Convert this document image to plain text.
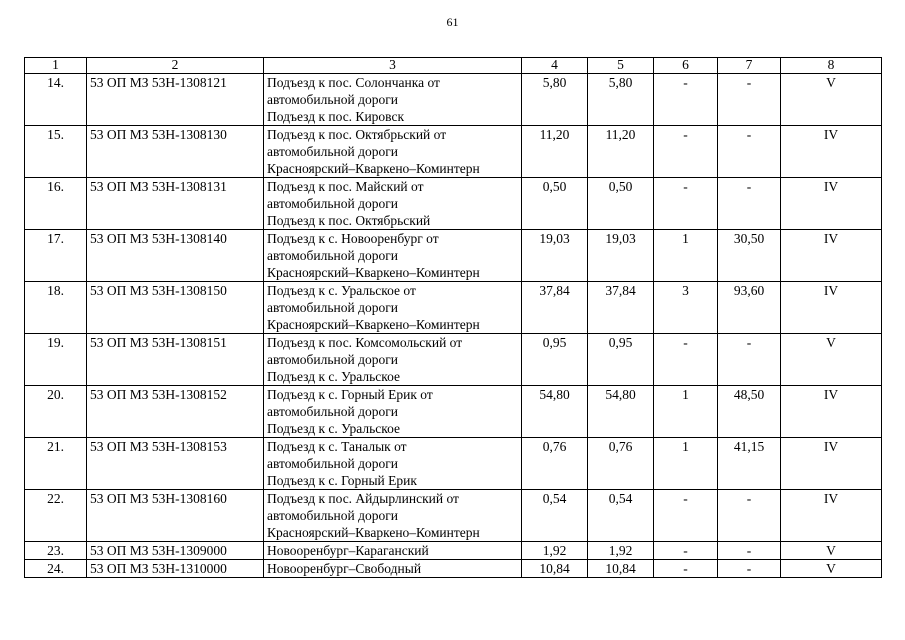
61
1	2	3	4	5	6	7	8
14.	53 ОП МЗ 53Н-1308121	Подъезд к пос. Солончанка от
автомобильной дороги
Подъезд к пос. Кировск	5,80	5,80	-	-	V
15.	53 ОП МЗ 53Н-1308130	Подъезд к пос. Октябрьский от
автомобильной дороги
Красноярский–Кваркено–Коминтерн	11,20	11,20	-	-	IV
16.	53 ОП МЗ 53Н-1308131	Подъезд к пос. Майский от
автомобильной дороги
Подъезд к пос. Октябрьский	0,50	0,50	-	-	IV
17.	53 ОП МЗ 53Н-1308140	Подъезд к с. Новооренбург от
автомобильной дороги
Красноярский–Кваркено–Коминтерн	19,03	19,03	1	30,50	IV
18.	53 ОП МЗ 53Н-1308150	Подъезд к с. Уральское от
автомобильной дороги
Красноярский–Кваркено–Коминтерн	37,84	37,84	3	93,60	IV
19.	53 ОП МЗ 53Н-1308151	Подъезд к пос. Комсомольский от
автомобильной дороги
Подъезд к с. Уральское	0,95	0,95	-	-	V
20.	53 ОП МЗ 53Н-1308152	Подъезд к с. Горный Ерик от
автомобильной дороги
Подъезд к с. Уральское	54,80	54,80	1	48,50	IV
21.	53 ОП МЗ 53Н-1308153	Подъезд к с. Таналык от
автомобильной дороги
Подъезд к с. Горный Ерик	0,76	0,76	1	41,15	IV
22.	53 ОП МЗ 53Н-1308160	Подъезд к пос. Айдырлинский от
автомобильной дороги
Красноярский–Кваркено–Коминтерн	0,54	0,54	-	-	IV
23.	53 ОП МЗ 53Н-1309000	Новооренбург–Караганский	1,92	1,92	-	-	V
24.	53 ОП МЗ 53Н-1310000	Новооренбург–Свободный	10,84	10,84	-	-	V
